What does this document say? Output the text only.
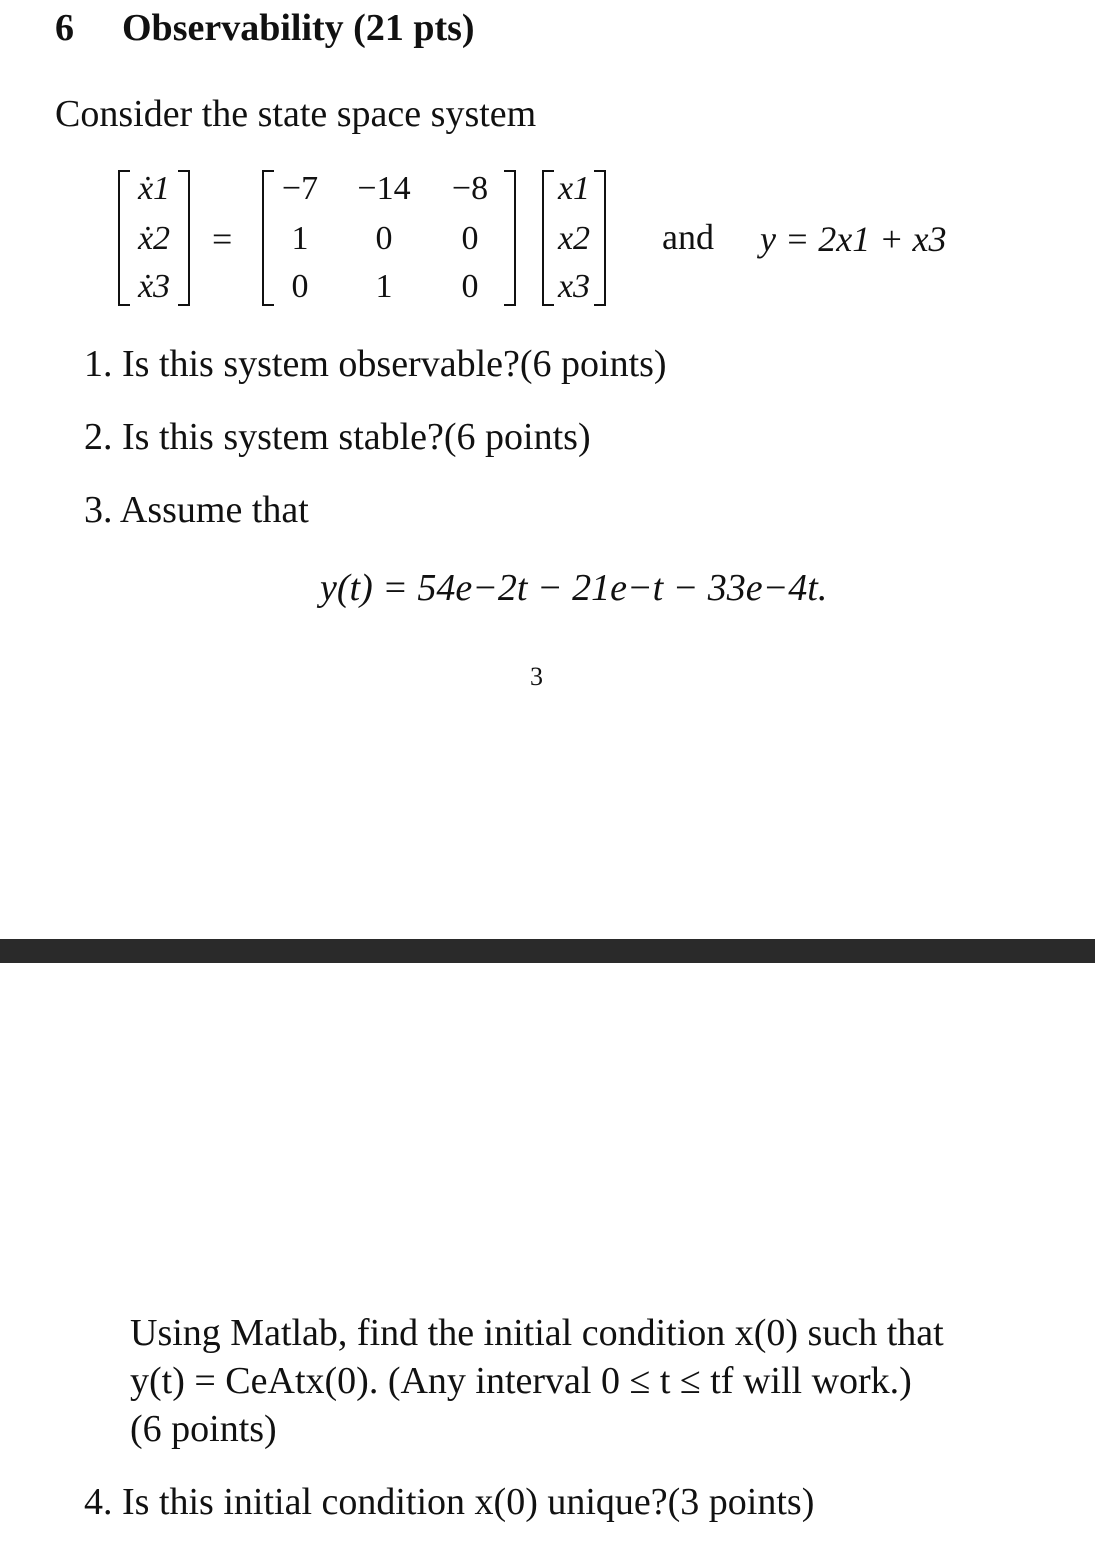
6 Observability (21 pts)
Consider the state space system
ẋ1
ẋ2
ẋ3
=
−7	−14	−8
1	0	0
0	1	0
x1
x2
x3
and y = 2x1 + x3
1. Is this system observable?(6 points)
2. Is this system stable?(6 points)
3. Assume that
y(t) = 54e−2t − 21e−t − 33e−4t.
3
Using Matlab, find the initial condition x(0) such that
y(t) = CeAtx(0). (Any interval 0 ≤ t ≤ tf will work.)
(6 points)
4. Is this initial condition x(0) unique?(3 points)
